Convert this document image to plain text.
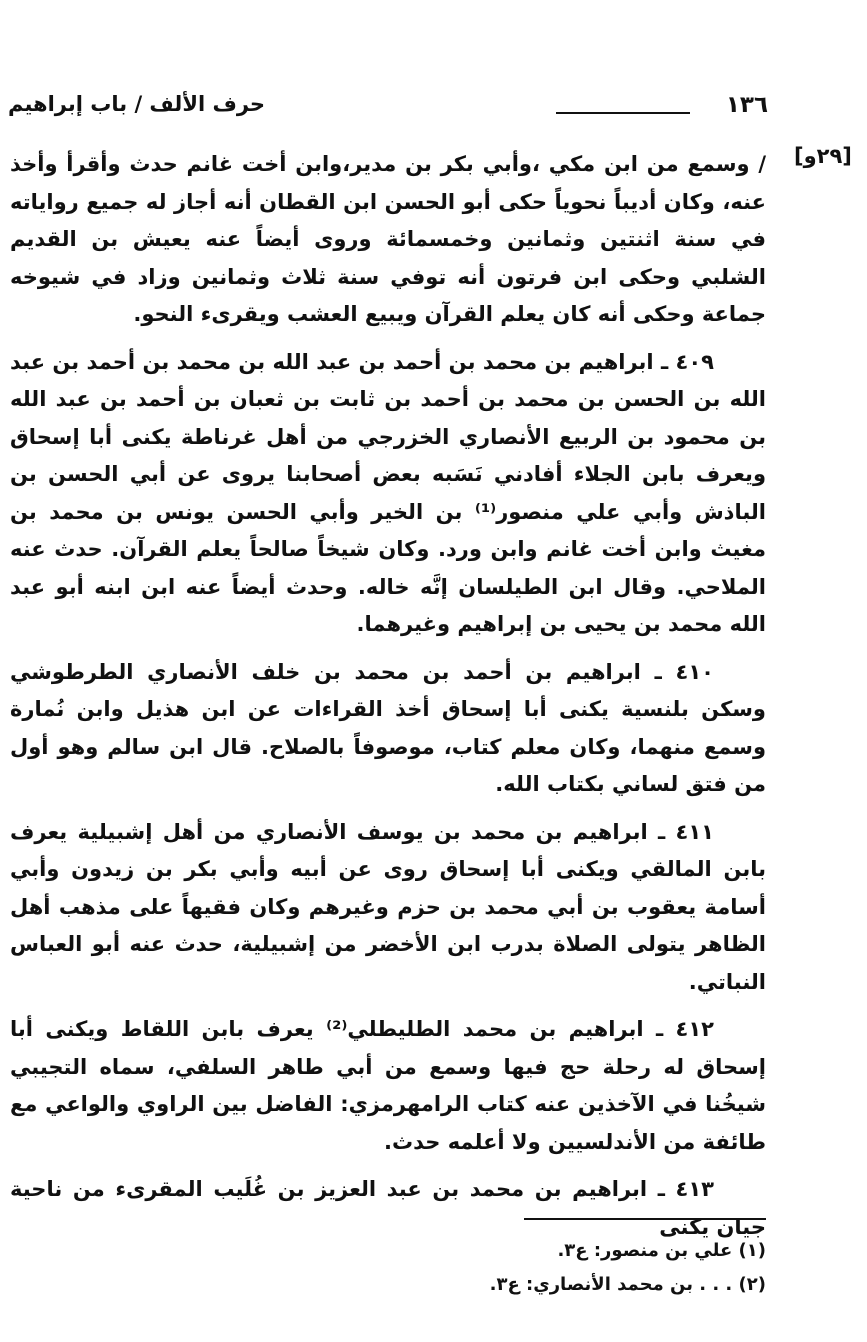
١٣٦
حرف الألف / باب إبراهيم
[٢٩و]

/ وسمع من ابن مكي ،وأبي بكر بن مدير،وابن أخت غانم حدث وأقرأ وأخذ عنه، وكان أديباً نحوياً حكى أبو الحسن ابن القطان أنه أجاز له جميع رواياته في سنة اثنتين وثمانين وخمسمائة وروى أيضاً عنه يعيش بن القديم الشلبي وحكى ابن فرتون أنه توفي سنة ثلاث وثمانين وزاد في شيوخه جماعة وحكى أنه كان يعلم القرآن ويبيع العشب ويقرىء النحو.

٤٠٩ ـ ابراهيم بن محمد بن أحمد بن عبد الله بن محمد بن أحمد بن عبد الله بن الحسن بن محمد بن أحمد بن ثابت بن ثعبان بن أحمد بن عبد الله بن محمود بن الربيع الأنصاري الخزرجي من أهل غرناطة يكنى أبا إسحاق ويعرف بابن الجلاء أفادني نَسَبه بعض أصحابنا يروى عن أبي الحسن بن الباذش وأبي علي منصور⁽¹⁾ بن الخير وأبي الحسن يونس بن محمد بن مغيث وابن أخت غانم وابن ورد. وكان شيخاً صالحاً يعلم القرآن. حدث عنه الملاحي. وقال ابن الطيلسان إنَّه خاله. وحدث أيضاً عنه ابن ابنه أبو عبد الله محمد بن يحيى بن إبراهيم وغيرهما.

٤١٠ ـ ابراهيم بن أحمد بن محمد بن خلف الأنصاري الطرطوشي وسكن بلنسية يكنى أبا إسحاق أخذ القراءات عن ابن هذيل وابن نُمارة وسمع منهما، وكان معلم كتاب، موصوفاً بالصلاح. قال ابن سالم وهو أول من فتق لساني بكتاب الله.

٤١١ ـ ابراهيم بن محمد بن يوسف الأنصاري من أهل إشبيلية يعرف بابن المالقي ويكنى أبا إسحاق روى عن أبيه وأبي بكر بن زيدون وأبي أسامة يعقوب بن أبي محمد بن حزم وغيرهم وكان فقيهاً على مذهب أهل الظاهر يتولى الصلاة بدرب ابن الأخضر من إشبيلية، حدث عنه أبو العباس النباتي.

٤١٢ ـ ابراهيم بن محمد الطليطلي⁽²⁾ يعرف بابن اللقاط ويكنى أبا إسحاق له رحلة حج فيها وسمع من أبي طاهر السلفي، سماه التجيبي شيخُنا في الآخذين عنه كتاب الرامهرمزي: الفاضل بين الراوي والواعي مع طائفة من الأندلسيين ولا أعلمه حدث.

٤١٣ ـ ابراهيم بن محمد بن عبد العزيز بن غُلَيب المقرىء من ناحية جيان يكنى

(١) علي بن منصور: ع٣.
(٢) . . . بن محمد الأنصاري: ع٣.
